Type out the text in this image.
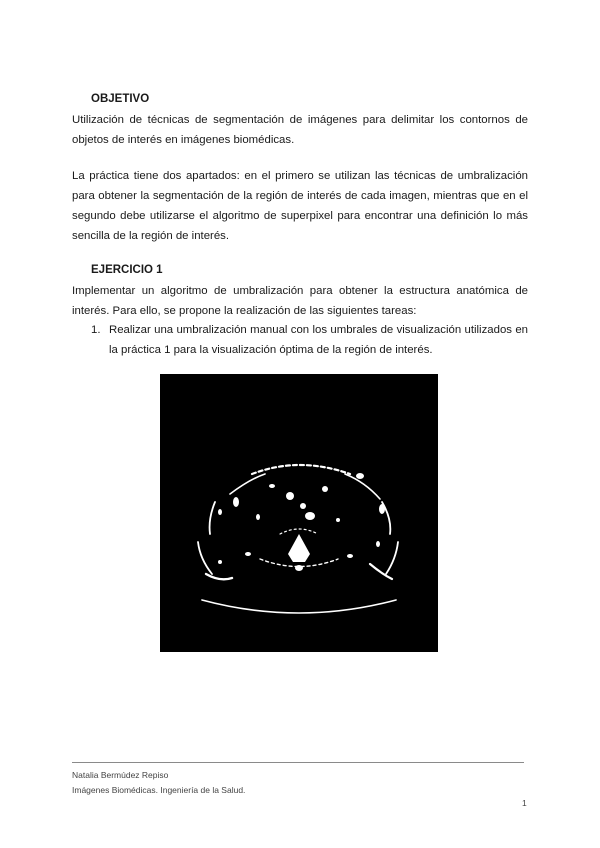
OBJETIVO

Utilización de técnicas de segmentación de imágenes para delimitar los contornos de objetos de interés en imágenes biomédicas.

La práctica tiene dos apartados: en el primero se utilizan las técnicas de umbralización para obtener la segmentación de la región de interés de cada imagen, mientras que en el segundo debe utilizarse el algoritmo de superpixel para encontrar una definición lo más sencilla de la región de interés.

EJERCICIO 1

Implementar un algoritmo de umbralización para obtener la estructura anatómica de interés. Para ello, se propone la realización de las siguientes tareas:

1. Realizar una umbralización manual con los umbrales de visualización utilizados en la práctica 1 para la visualización óptima de la región de interés.

Natalia Bermúdez Repiso

Imágenes Biomédicas. Ingeniería de la Salud.

1
